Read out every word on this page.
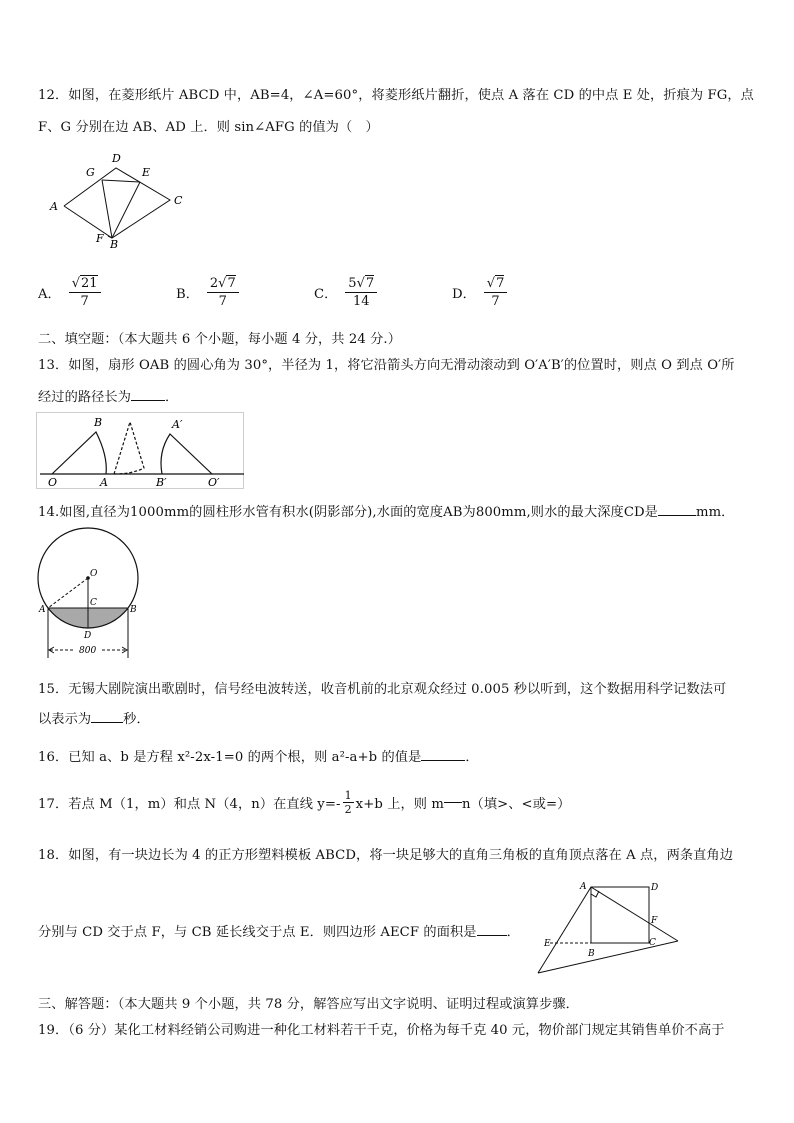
12．如图，在菱形纸片 ABCD 中，AB=4，∠A=60°，将菱形纸片翻折，使点 A 落在 CD 的中点 E 处，折痕为 FG，点
F、G 分别在边 AB、AD 上．则 sin∠AFG 的值为（　）
A
D
G	E
C
F B
A． $\frac{√21}{7}$	B． $\frac{2√7}{7}$	C． $\frac{5√7}{14}$	D． $\frac{√7}{7}$
二、填空题：（本大题共 6 个小题，每小题 4 分，共 24 分.）
13．如图，扇形 OAB 的圆心角为 30°，半径为 1，将它沿箭头方向无滑动滚动到 O′A′B′的位置时，则点 O 到点 O′所
经过的路径长为	．
O	A
B
B′
A′
O′
14.如图,直径为1000mm的圆柱形水管有积水(阴影部分),水面的宽度AB为800mm,则水的最大深度CD是	mm．
O
A	B
C
D
800
15．无锡大剧院演出歌剧时，信号经电波转送，收音机前的北京观众经过 0.005 秒以听到，这个数据用科学记数法可
以表示为 秒．
16．已知 a、b 是方程 x²-2x-1=0 的两个根，则 a²-a+b 的值是	．
17．若点 M（1，m）和点 N（4，n）在直线 $y=- \frac{1}{2} x+b$ 上，则 m n（填>、<或=）
18．如图，有一块边长为 4 的正方形塑料模板 ABCD，将一块足够大的直角三角板的直角顶点落在 A 点，两条直角边
分别与 CD 交于点 F，与 CB 延长线交于点 E．则四边形 AECF 的面积是 ．
A	D
F
C
B
E
三、解答题：（本大题共 9 个小题，共 78 分，解答应写出文字说明、证明过程或演算步骤．
19．（6 分）某化工材料经销公司购进一种化工材料若干千克，价格为每千克 40 元，物价部门规定其销售单价不高于
